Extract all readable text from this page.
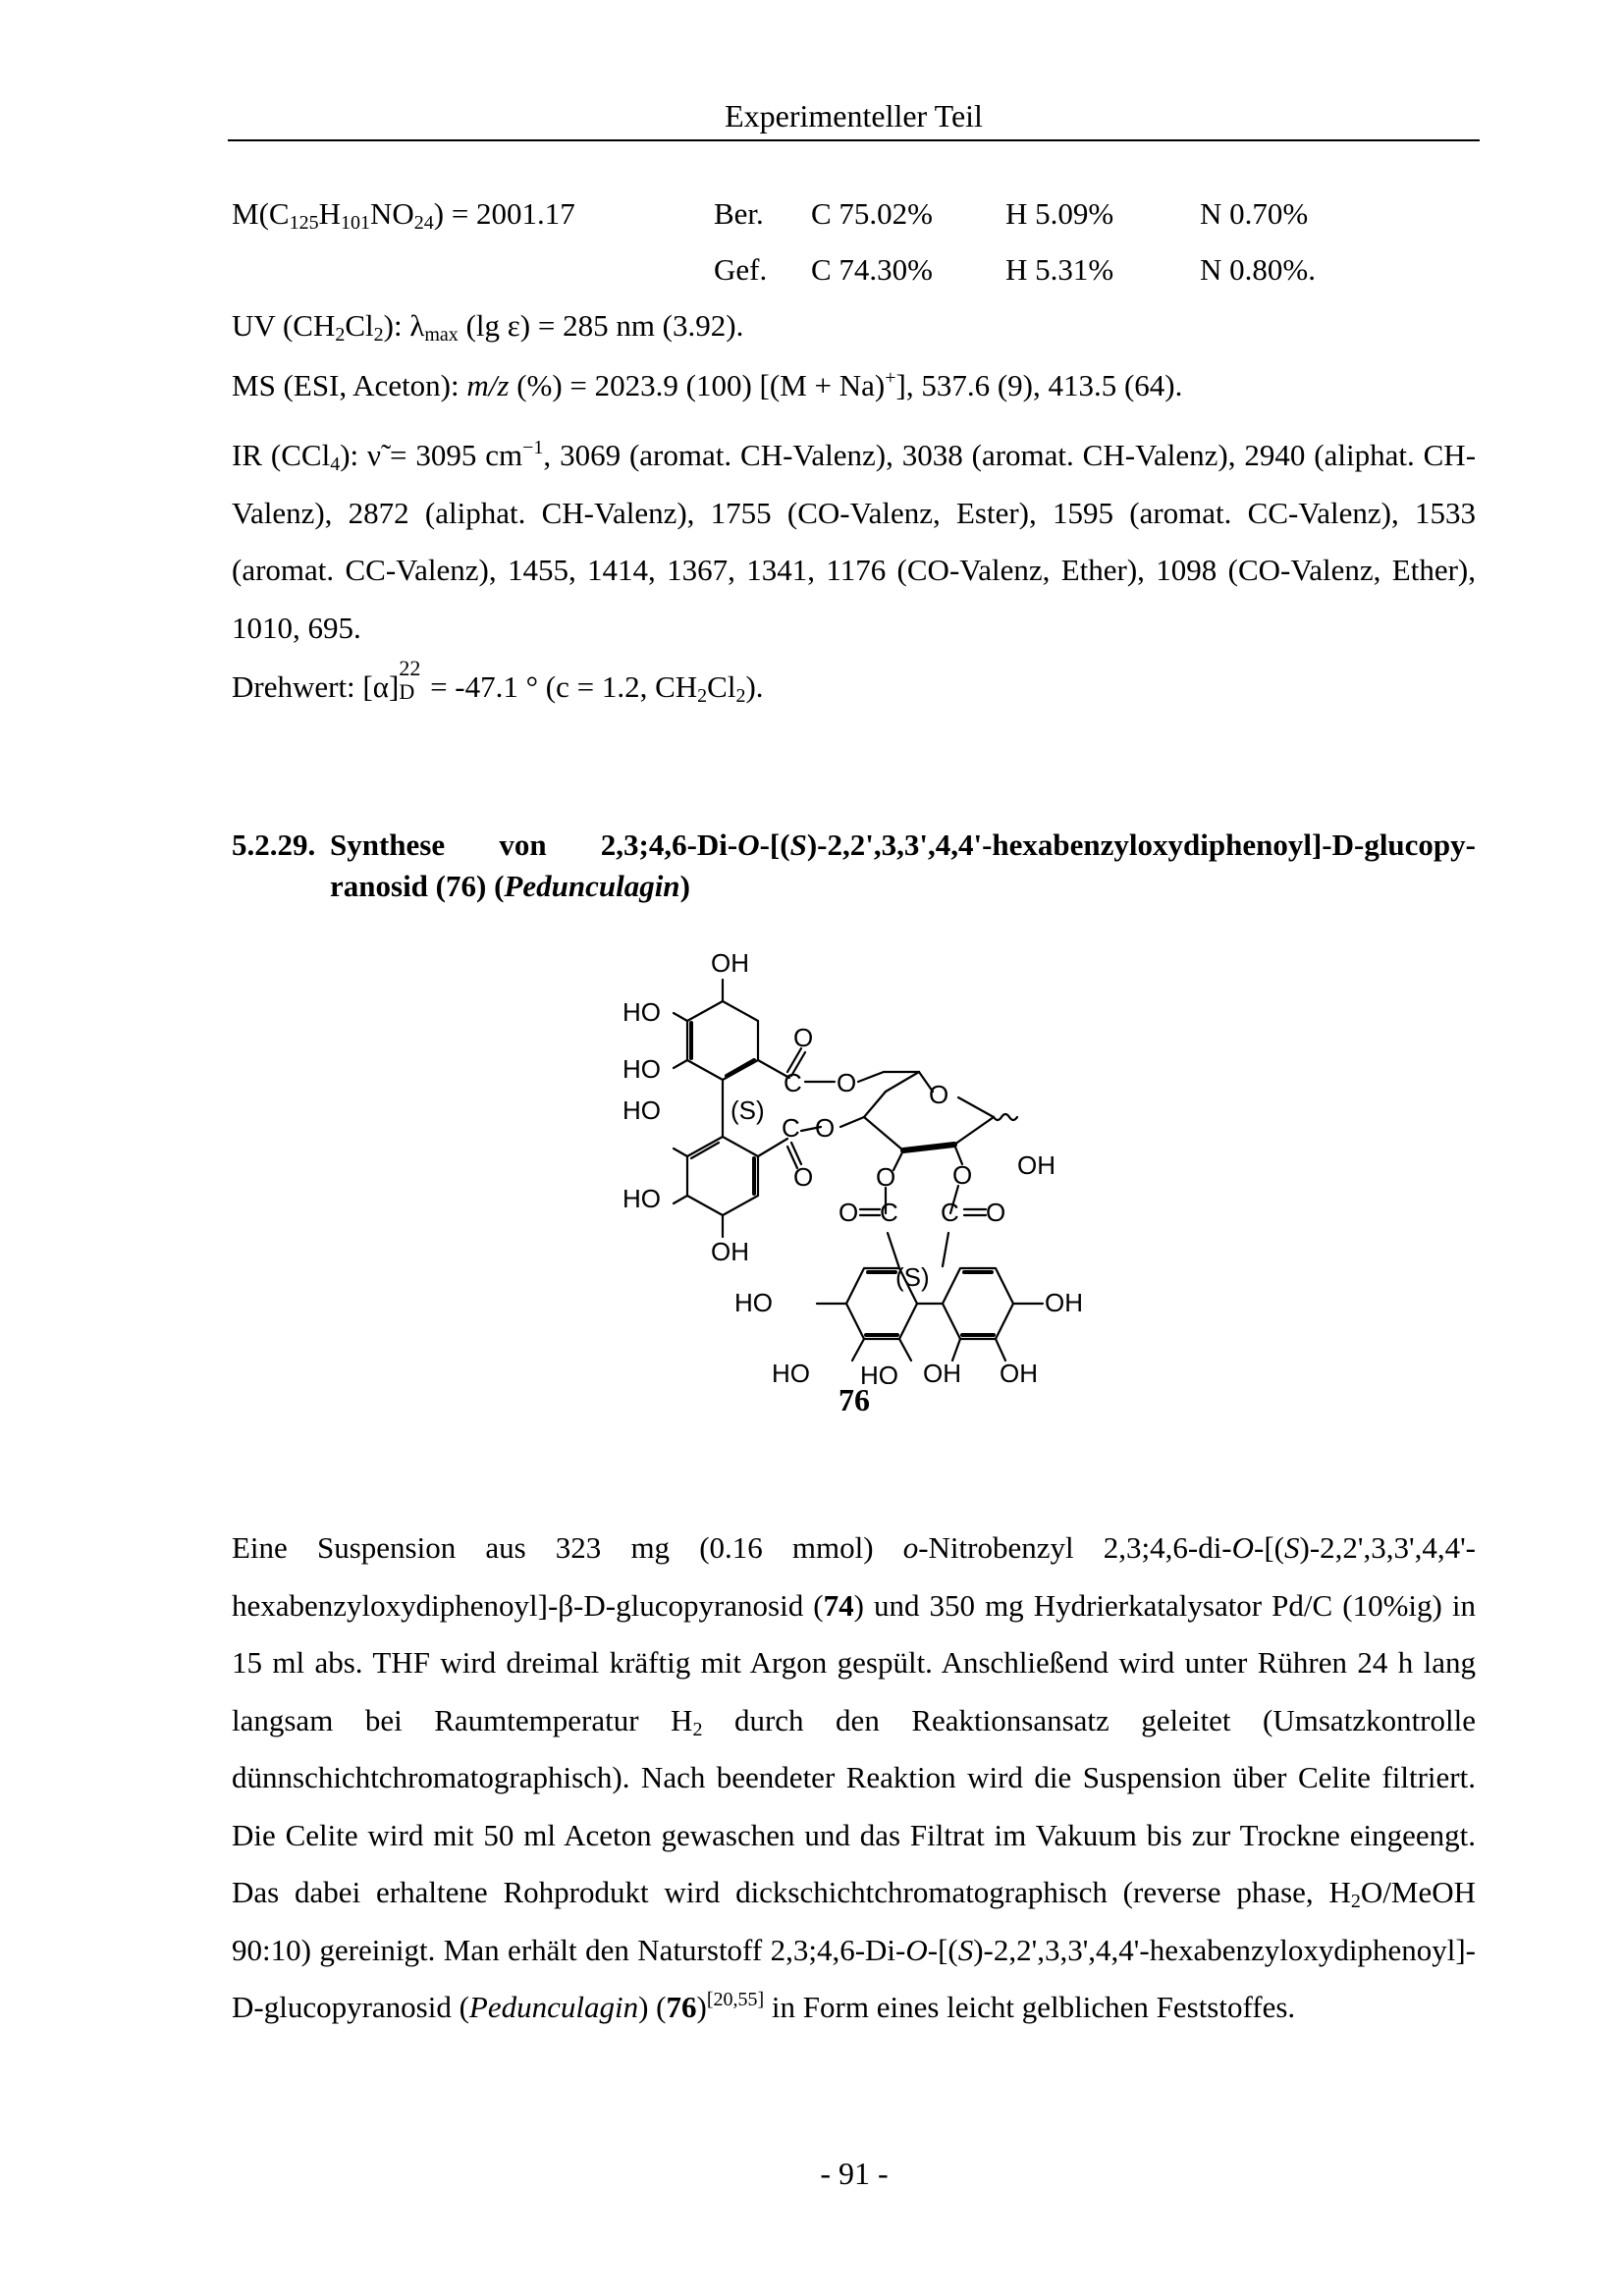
Experimenteller Teil
$M(C_{125}H_{101}NO_{24}) = 2001.17$	Ber. C 75.02% H 5.09%	N 0.70%
Gef. C 74.30% H 5.31%	N 0.80%.
UV $(CH_2Cl_2)$: $\lambda_{max}$ (lg ε) = 285 nm (3.92).
MS (ESI, Aceton): m/z (%) = 2023.9 (100) [(M + Na)+], 537.6 (9), 413.5 (64).

IR (CCl$_4$): ν̃ = 3095 $cm^{-1}$, 3069 (aromat. CH-Valenz), 3038 (aromat. CH-Valenz), 2940 (aliphat. CH-Valenz), 2872 (aliphat. CH-Valenz), 1755 (CO-Valenz, Ester), 1595 (aromat. CC-Valenz), 1533 (aromat. CC-Valenz), 1455, 1414, 1367, 1341, 1176 (CO-Valenz, Ether), 1098 (CO-Valenz, Ether), 1010, 695.

Drehwert: [α]
22
D = -47.1 ° (c = 1.2, $CH_2Cl_2$).
5.2.29. Synthese von 2,3;4,6-Di-O-[(S)-2,2',3,3',4,4'-hexabenzyloxydiphenoyl]-D-glucopy-
ranosid (76) (Pedunculagin)
OH
HO
O
HO	C O	O
(S)
HO
C O
O O O OH
HO	O C C O
OH
(S)
HO	OH
HO HO OH OH
76

Eine Suspension aus 323 mg (0.16 mmol) o-Nitrobenzyl 2,3;4,6-di-O-[(S)-2,2',3,3',4,4'-hexabenzyloxydiphenoyl]-β-D-glucopyranosid (74) und 350 mg Hydrierkatalysator Pd/C (10%ig) in 15 ml abs. THF wird dreimal kräftig mit Argon gespült. Anschließend wird unter Rühren 24 h lang langsam bei Raumtemperatur $H_2$ durch den Reaktionsansatz geleitet (Umsatzkontrolle dünnschichtchromatographisch). Nach beendeter Reaktion wird die Suspension über Celite filtriert. Die Celite wird mit 50 ml Aceton gewaschen und das Filtrat im Vakuum bis zur Trockne eingeengt. Das dabei erhaltene Rohprodukt wird dickschichtchromatographisch (reverse phase, $H_2O$/MeOH 90:10) gereinigt. Man erhält den Naturstoff 2,3;4,6-Di-O-[(S)-2,2',3,3',4,4'-hexabenzyloxydiphenoyl]-D-glucopyranosid (Pedunculagin) (76)[20,55] in Form eines leicht gelblichen Feststoffes.

- 91 -
